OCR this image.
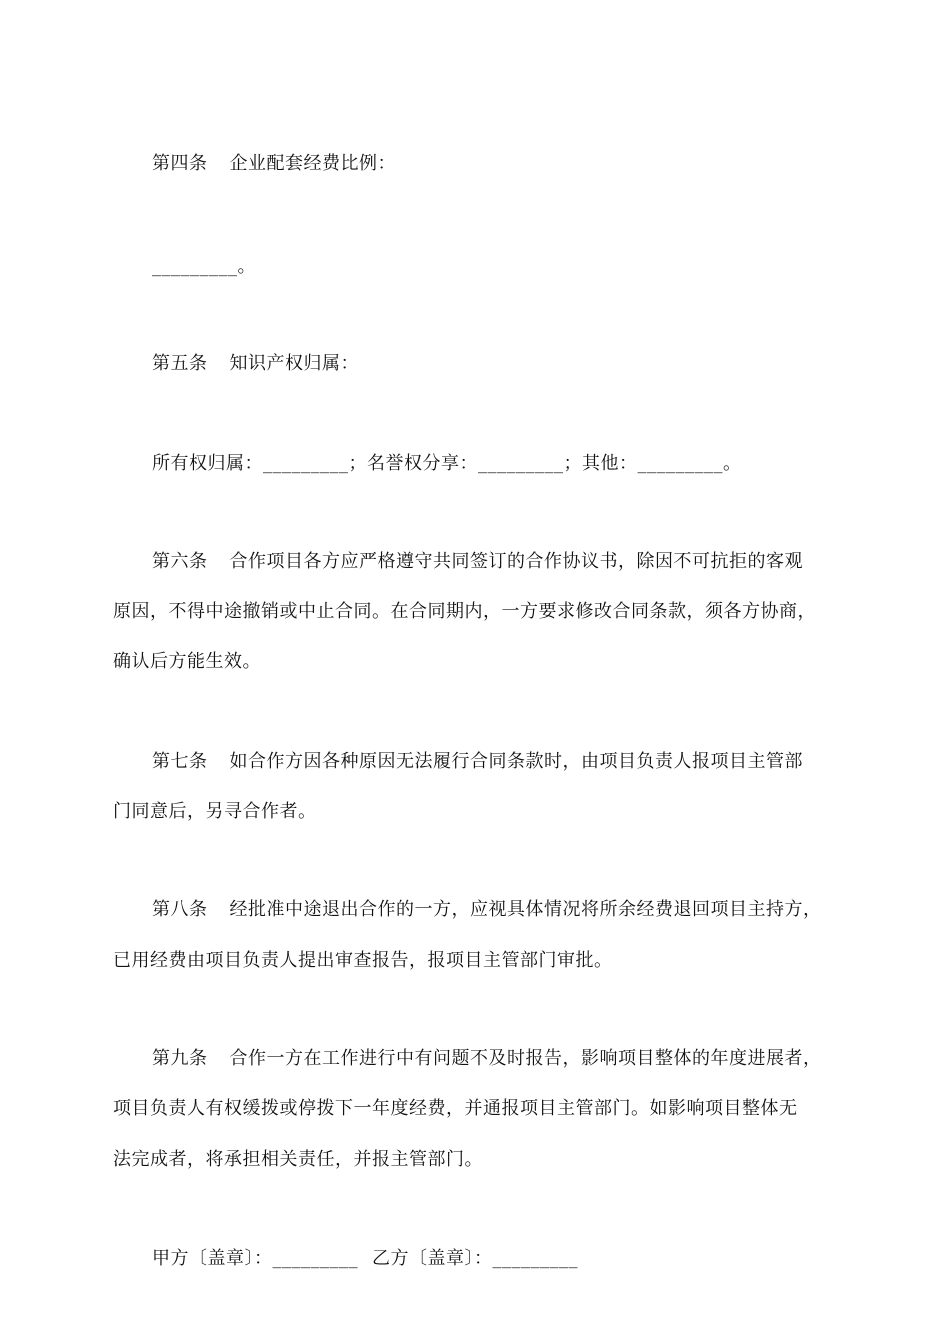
第四条 企业配套经费比例：
_________。
第五条 知识产权归属：
所有权归属：_________；名誉权分享：_________；其他：_________。
第六条 合作项目各方应严格遵守共同签订的合作协议书，除因不可抗拒的客观
原因，不得中途撤销或中止合同。在合同期内，一方要求修改合同条款，须各方协商，
确认后方能生效。
第七条 如合作方因各种原因无法履行合同条款时，由项目负责人报项目主管部
门同意后，另寻合作者。
第八条 经批准中途退出合作的一方，应视具体情况将所余经费退回项目主持方，
已用经费由项目负责人提出审查报告，报项目主管部门审批。
第九条 合作一方在工作进行中有问题不及时报告，影响项目整体的年度进展者，
项目负责人有权缓拨或停拨下一年度经费，并通报项目主管部门。如影响项目整体无
法完成者，将承担相关责任，并报主管部门。
甲方〔盖章〕：_________ 乙方〔盖章〕：_________
